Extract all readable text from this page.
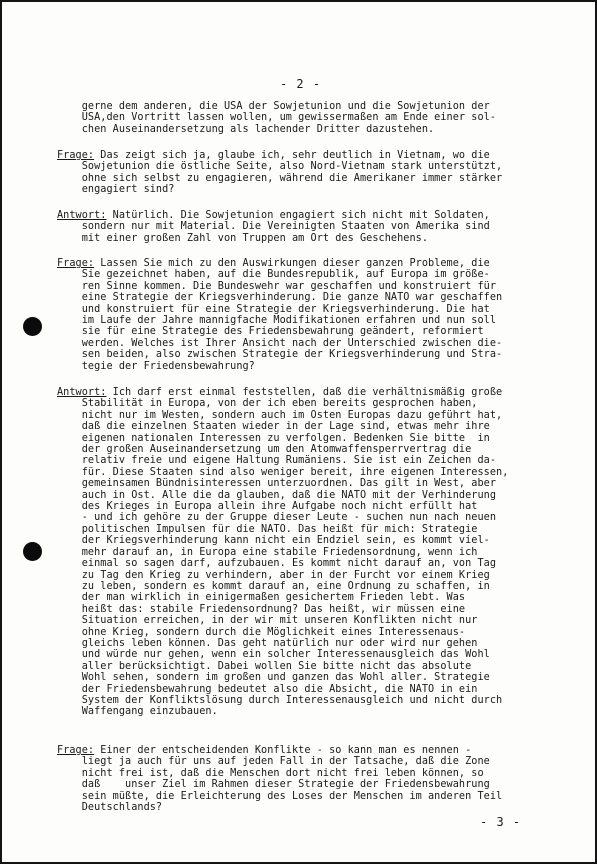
- 2 -
gerne dem anderen, die USA der Sowjetunion und die Sowjetunion der
USA,den Vortritt lassen wollen, um gewissermaßen am Ende einer sol-
chen Auseinandersetzung als lachender Dritter dazustehen.
Frage: Das zeigt sich ja, glaube ich, sehr deutlich in Vietnam, wo die
Sowjetunion die östliche Seite, also Nord-Vietnam stark unterstützt,
ohne sich selbst zu engagieren, während die Amerikaner immer stärker
engagiert sind?
Antwort: Natürlich. Die Sowjetunion engagiert sich nicht mit Soldaten,
sondern nur mit Material. Die Vereinigten Staaten von Amerika sind
mit einer großen Zahl von Truppen am Ort des Geschehens.
Frage: Lassen Sie mich zu den Auswirkungen dieser ganzen Probleme, die
Sie gezeichnet haben, auf die Bundesrepublik, auf Europa im größe-
ren Sinne kommen. Die Bundeswehr war geschaffen und konstruiert für
eine Strategie der Kriegsverhinderung. Die ganze NATO war geschaffen
und konstruiert für eine Strategie der Kriegsverhinderung. Die hat
im Laufe der Jahre mannigfache Modifikationen erfahren und nun soll
sie für eine Strategie des Friedensbewahrung geändert, reformiert
werden. Welches ist Ihrer Ansicht nach der Unterschied zwischen die-
sen beiden, also zwischen Strategie der Kriegsverhinderung und Stra-
tegie der Friedensbewahrung?
Antwort: Ich darf erst einmal feststellen, daß die verhältnismäßig große
Stabilität in Europa, von der ich eben bereits gesprochen haben,
nicht nur im Westen, sondern auch im Osten Europas dazu geführt hat,
daß die einzelnen Staaten wieder in der Lage sind, etwas mehr ihre
eigenen nationalen Interessen zu verfolgen. Bedenken Sie bitte  in
der großen Auseinandersetzung um den Atomwaffensperrvertrag die
relativ freie und eigene Haltung Rumäniens. Sie ist ein Zeichen da-
für. Diese Staaten sind also weniger bereit, ihre eigenen Interessen,
gemeinsamen Bündnisinteressen unterzuordnen. Das gilt in West, aber
auch in Ost. Alle die da glauben, daß die NATO mit der Verhinderung
des Krieges in Europa allein ihre Aufgabe noch nicht erfüllt hat
- und ich gehöre zu der Gruppe dieser Leute - suchen nun nach neuen
politischen Impulsen für die NATO. Das heißt für mich: Strategie
der Kriegsverhinderung kann nicht ein Endziel sein, es kommt viel-
mehr darauf an, in Europa eine stabile Friedensordnung, wenn ich
einmal so sagen darf, aufzubauen. Es kommt nicht darauf an, von Tag
zu Tag den Krieg zu verhindern, aber in der Furcht vor einem Krieg
zu leben, sondern es kommt darauf an, eine Ordnung zu schaffen, in
der man wirklich in einigermaßen gesichertem Frieden lebt. Was
heißt das: stabile Friedensordnung? Das heißt, wir müssen eine
Situation erreichen, in der wir mit unseren Konflikten nicht nur
ohne Krieg, sondern durch die Möglichkeit eines Interessenaus-
gleichs leben können. Das geht natürlich nur oder wird nur gehen
und würde nur gehen, wenn ein solcher Interessenausgleich das Wohl
aller berücksichtigt. Dabei wollen Sie bitte nicht das absolute
Wohl sehen, sondern im großen und ganzen das Wohl aller. Strategie
der Friedensbewahrung bedeutet also die Absicht, die NATO in ein
System der Konfliktslösung durch Interessenausgleich und nicht durch
Waffengang einzubauen.
Frage: Einer der entscheidenden Konflikte - so kann man es nennen -
liegt ja auch für uns auf jeden Fall in der Tatsache, daß die Zone
nicht frei ist, daß die Menschen dort nicht frei leben können, so
daß    unser Ziel im Rahmen dieser Strategie der Friedensbewahrung
sein müßte, die Erleichterung des Loses der Menschen im anderen Teil
Deutschlands?
- 3 -
